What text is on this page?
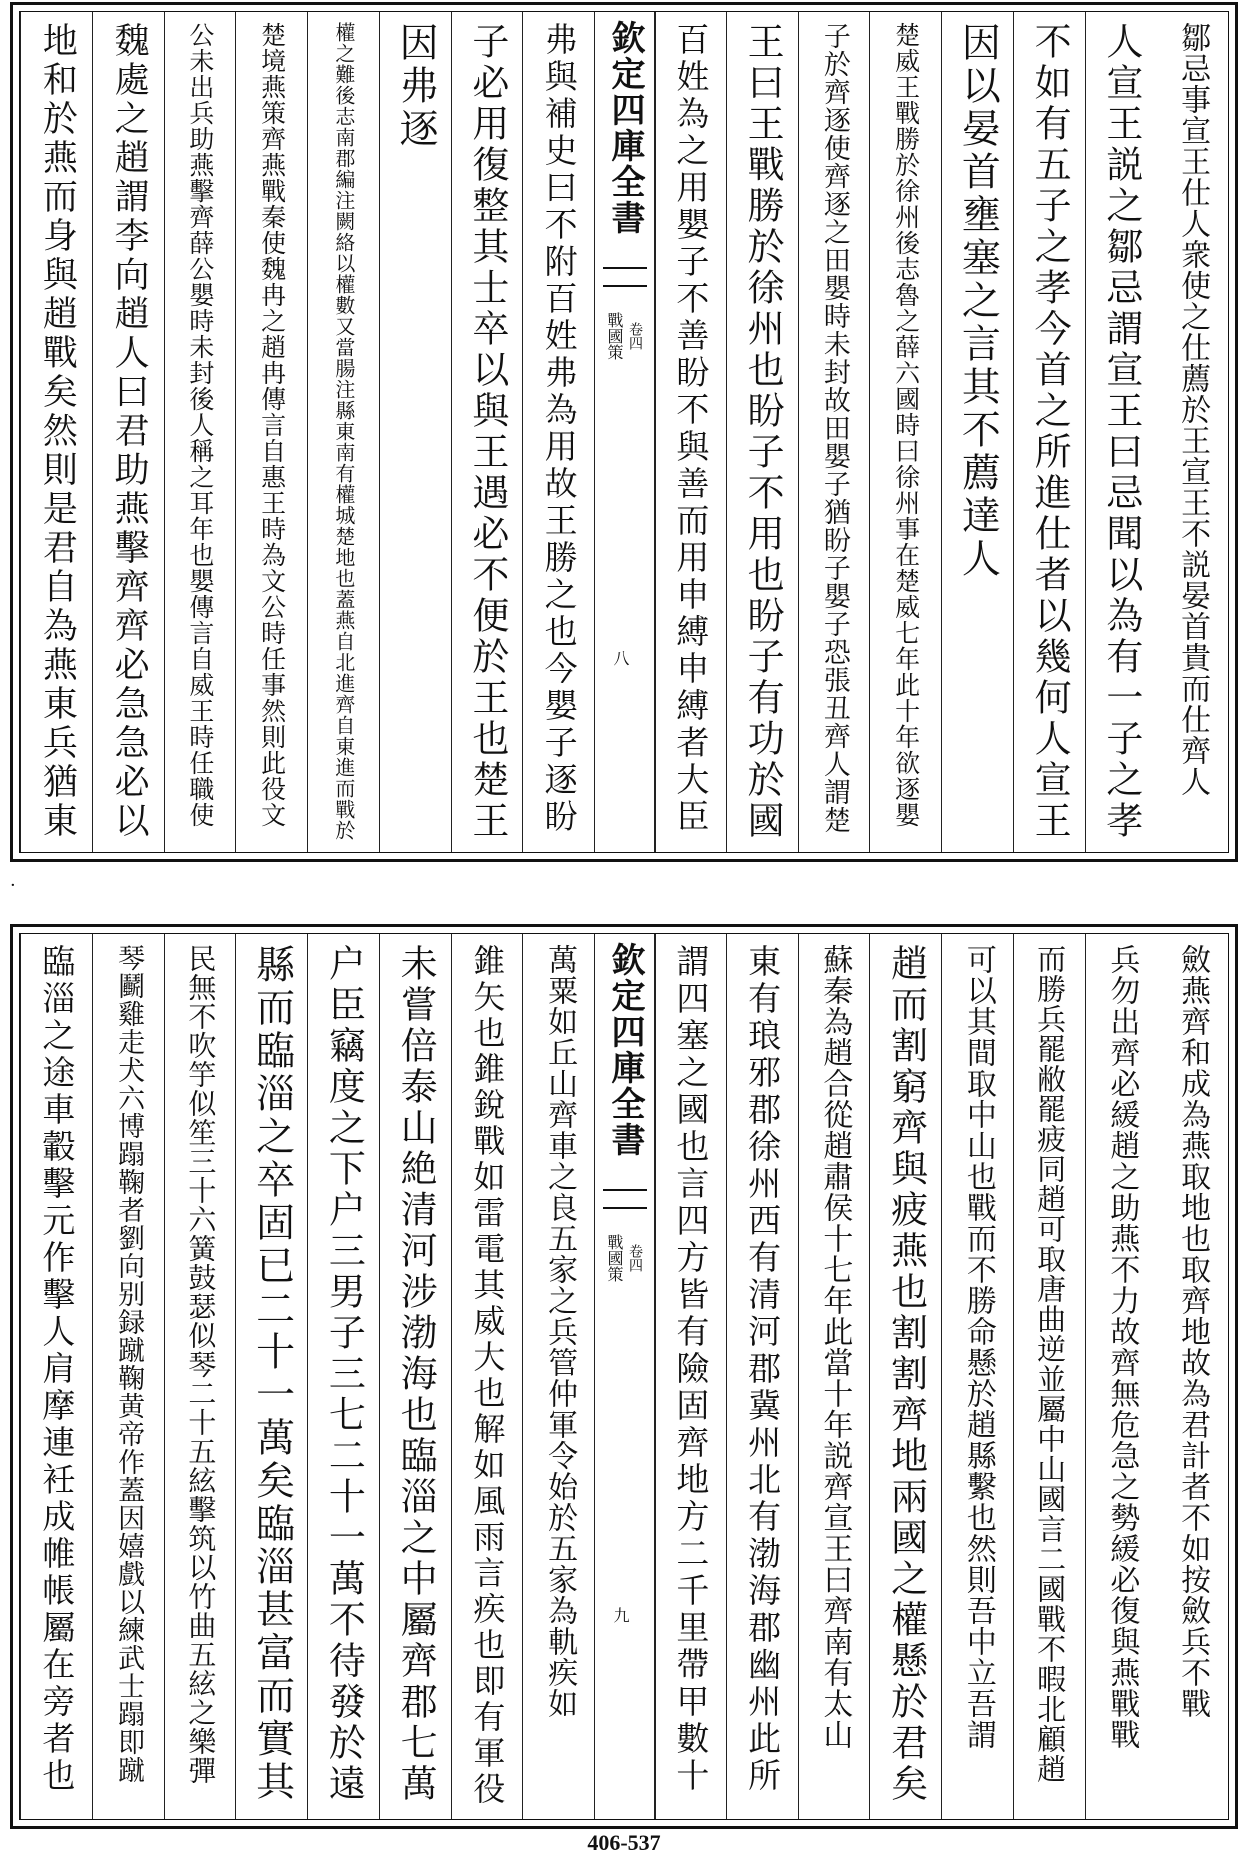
鄒忌事宣王仕人衆使之仕薦於王宣王不説晏首貴而仕齊人
人宣王説之鄒忌謂宣王曰忌聞以為有一子之孝
不如有五子之孝今首之所進仕者以幾何人宣王
因以晏首壅塞之言其不薦達人
楚威王戰勝於徐州後志魯之薛六國時曰徐州事在楚威七年此十年欲逐嬰
子於齊逐使齊逐之田嬰時未封故田嬰子猶盼子嬰子恐張丑齊人謂楚
王曰王戰勝於徐州也盼子不用也盼子有功於國
百姓為之用嬰子不善盼不與善而用申縛申縛者大臣
欽定四庫全書
戰國策 卷四
八
弗與補史曰不附百姓弗為用故王勝之也今嬰子逐盼
子必用復整其士卒以與王遇必不便於王也楚王
因弗逐
權之難後志南郡編注闕絡以權數又當腸注縣東南有權城楚地也蓋燕自北進齊自東進而戰於
楚境燕策齊燕戰秦使魏冉之趙冉傳言自惠王時為文公時任事然則此役文
公未出兵助燕擊齊薛公嬰時未封後人稱之耳年也嬰傳言自威王時任職使
魏處之趙謂李向趙人曰君助燕擊齊齊必急急必以
地和於燕而身與趙戰矣然則是君自為燕東兵猶東
·
斂燕齊和成為燕取地也取齊地故為君計者不如按斂兵不戰
兵勿出齊必緩趙之助燕不力故齊無危急之勢緩必復與燕戰戰
而勝兵罷敝罷疲同趙可取唐曲逆並屬中山國言二國戰不暇北顧趙
可以其間取中山也戰而不勝命懸於趙縣繫也然則吾中立吾謂
趙而割窮齊與疲燕也割割齊地兩國之權懸於君矣
蘇秦為趙合從趙肅侯十七年此當十年説齊宣王曰齊南有太山
東有琅邪郡徐州西有清河郡冀州北有渤海郡幽州此所
謂四塞之國也言四方皆有險固齊地方二千里帶甲數十
欽定四庫全書
戰國策 卷四
九
萬粟如丘山齊車之良五家之兵管仲軍令始於五家為軌疾如
錐矢也錐銳戰如雷電其威大也解如風雨言疾也即有軍役
未嘗倍泰山絶清河涉渤海也臨淄之中屬齊郡七萬
户臣竊度之下户三男子三七二十一萬不待發於遠
縣而臨淄之卒固已二十一萬矣臨淄甚富而實其
民無不吹竽似笙三十六簧鼓瑟似琴二十五絃擊筑以竹曲五絃之樂彈
琴鬬雞走犬六博蹋鞠者劉向别録蹴鞠黄帝作蓋因嬉戲以練武士蹋即蹴
臨淄之途車轂擊元作擊人肩摩連衽成帷帳屬在旁者也
406-537
